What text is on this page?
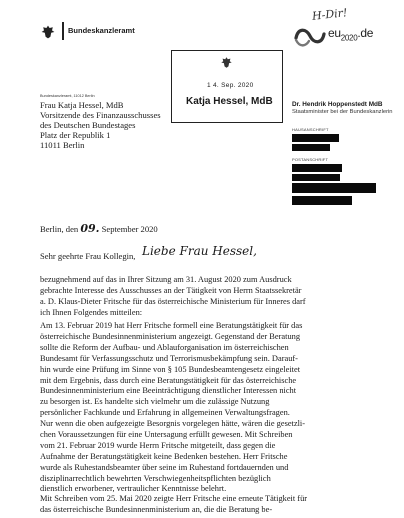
Bundeskanzleramt
H-Dir!
$eu_{2020}.de$
1 4. Sep. 2020
Katja Hessel, MdB
Bundeskanzleramt, 11012 Berlin
Frau Katja Hessel, MdB
Vorsitzende des Finanzausschusses
des Deutschen Bundestages
Platz der Republik 1
11011 Berlin
Dr. Hendrik Hoppenstedt MdB
Staatsminister bei der Bundeskanzlerin
HAUSANSCHRIFT
POSTANSCHRIFT
Berlin, den 09. September 2020
Sehr geehrte Frau Kollegin, Liebe Frau Hessel,
bezugnehmend auf das in Ihrer Sitzung am 31. August 2020 zum Ausdruck
gebrachte Interesse des Ausschusses an der Tätigkeit von Herrn Staatssekretär
a. D. Klaus-Dieter Fritsche für das österreichische Ministerium für Inneres darf
ich Ihnen Folgendes mitteilen:
Am 13. Februar 2019 hat Herr Fritsche formell eine Beratungstätigkeit für das
österreichische Bundesinnenministerium angezeigt. Gegenstand der Beratung
sollte die Reform der Aufbau- und Ablauforganisation im österreichischen
Bundesamt für Verfassungsschutz und Terrorismusbekämpfung sein. Darauf-
hin wurde eine Prüfung im Sinne von § 105 Bundesbeamtengesetz eingeleitet
mit dem Ergebnis, dass durch eine Beratungstätigkeit für das österreichische
Bundesinnenministerium eine Beeinträchtigung dienstlicher Interessen nicht
zu besorgen ist. Es handelte sich vielmehr um die zulässige Nutzung
persönlicher Fachkunde und Erfahrung in allgemeinen Verwaltungsfragen.
Nur wenn die oben aufgezeigte Besorgnis vorgelegen hätte, wären die gesetzli-
chen Voraussetzungen für eine Untersagung erfüllt gewesen. Mit Schreiben
vom 21. Februar 2019 wurde Herrn Fritsche mitgeteilt, dass gegen die
Aufnahme der Beratungstätigkeit keine Bedenken bestehen. Herr Fritsche
wurde als Ruhestandsbeamter über seine im Ruhestand fortdauernden und
disziplinarrechtlich bewehrten Verschwiegenheitspflichten bezüglich
dienstlich erworbener, vertraulicher Kenntnisse belehrt.
Mit Schreiben vom 25. Mai 2020 zeigte Herr Fritsche eine erneute Tätigkeit für
das österreichische Bundesinnenministerium an, die die Beratung be-
